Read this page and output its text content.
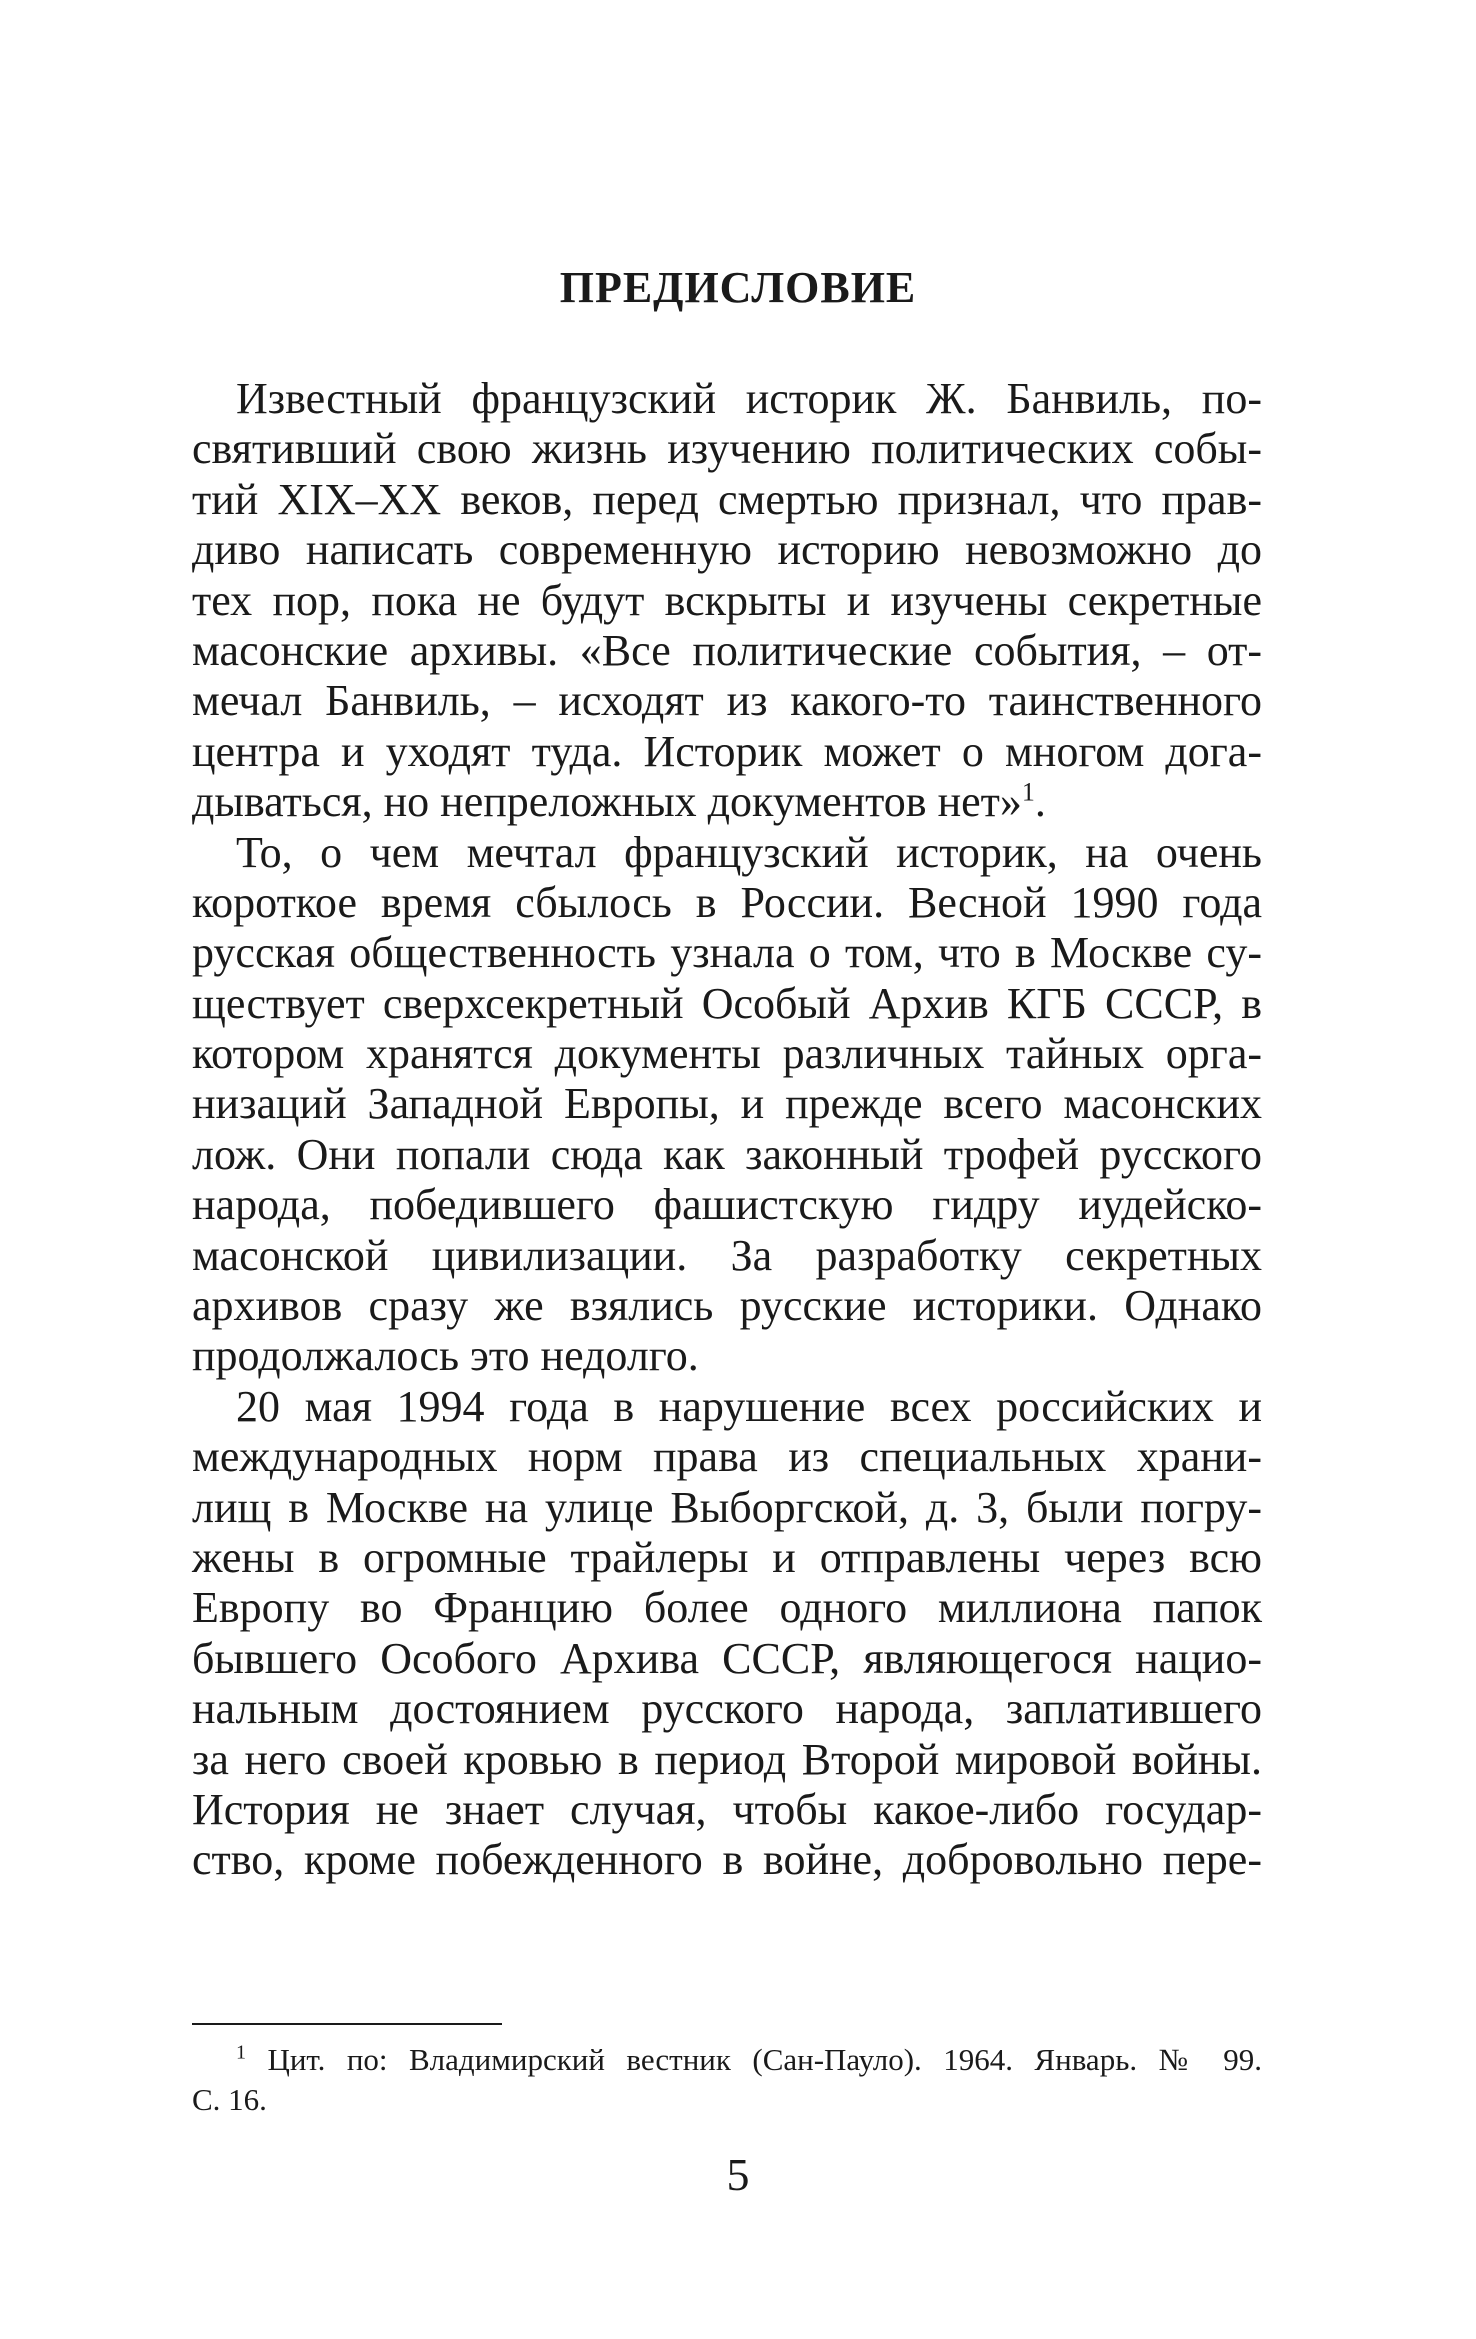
ПРЕДИСЛОВИЕ
Известный французский историк Ж. Банвиль, по-
святивший свою жизнь изучению политических собы-
тий XIX–XX веков, перед смертью признал, что прав-
диво написать современную историю невозможно до
тех пор, пока не будут вскрыты и изучены секретные
масонские архивы. «Все политические события, – от-
мечал Банвиль, – исходят из какого-то таинственного
центра и уходят туда. Историк может о многом дога-
дываться, но непреложных документов нет»$^1$.
То, о чем мечтал французский историк, на очень
короткое время сбылось в России. Весной 1990 года
русская общественность узнала о том, что в Москве су-
ществует сверхсекретный Особый Архив КГБ СССР, в
котором хранятся документы различных тайных орга-
низаций Западной Европы, и прежде всего масонских
лож. Они попали сюда как законный трофей русского
народа, победившего фашистскую гидру иудейско-
масонской цивилизации. За разработку секретных
архивов сразу же взялись русские историки. Однако
продолжалось это недолго.
20 мая 1994 года в нарушение всех российских и
международных норм права из специальных храни-
лищ в Москве на улице Выборгской, д. 3, были погру-
жены в огромные трайлеры и отправлены через всю
Европу во Францию более одного миллиона папок
бывшего Особого Архива СССР, являющегося нацио-
нальным достоянием русского народа, заплатившего
за него своей кровью в период Второй мировой войны.
История не знает случая, чтобы какое-либо государ-
ство, кроме побежденного в войне, добровольно пере-
$^1$ Цит. по: Владимирский вестник (Сан-Пауло). 1964. Январь. № 99.
С. 16.
5
